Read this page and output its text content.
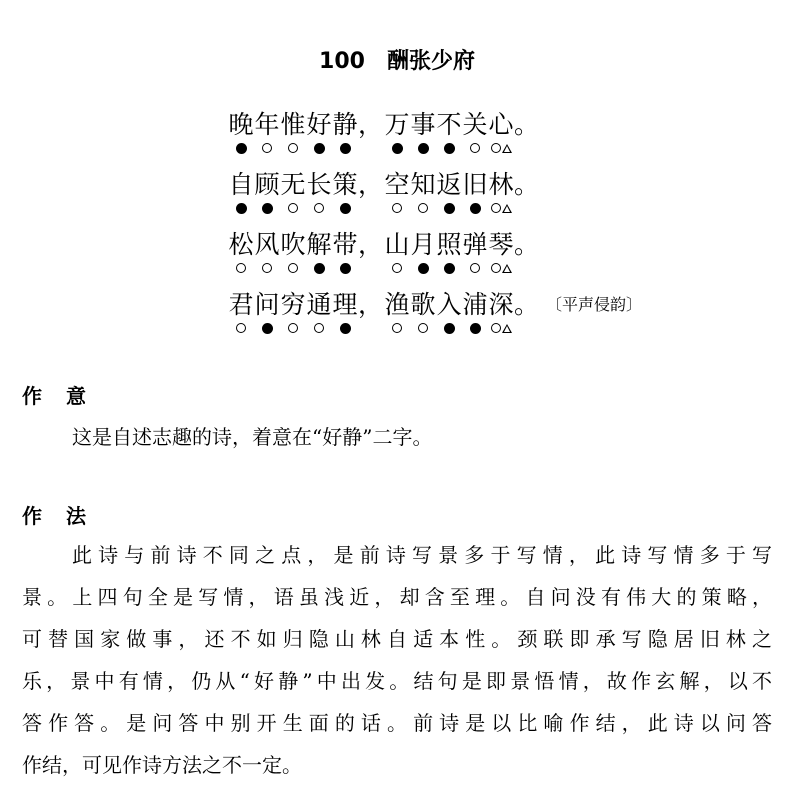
100 酬张少府
晚 年 惟 好 静 ， 万 事 不 关 心 。
自 顾 无 长 策 ， 空 知 返 旧 林 。
松 风 吹 解 带 ， 山 月 照 弹 琴 。
君 问 穷 通 理 ， 渔 歌 入 浦 深 。 〔平声侵韵〕
作意
这是自述志趣的诗，着意在“好静”二字。
作法
此诗与前诗不同之点，是前诗写景多于写情，此诗写情多于写
景。上四句全是写情，语虽浅近，却含至理。自问没有伟大的策略，
可替国家做事，还不如归隐山林自适本性。颈联即承写隐居旧林之
乐，景中有情，仍从“好静”中出发。结句是即景悟情，故作玄解，以不
答作答。是问答中别开生面的话。前诗是以比喻作结，此诗以问答
作结，可见作诗方法之不一定。
